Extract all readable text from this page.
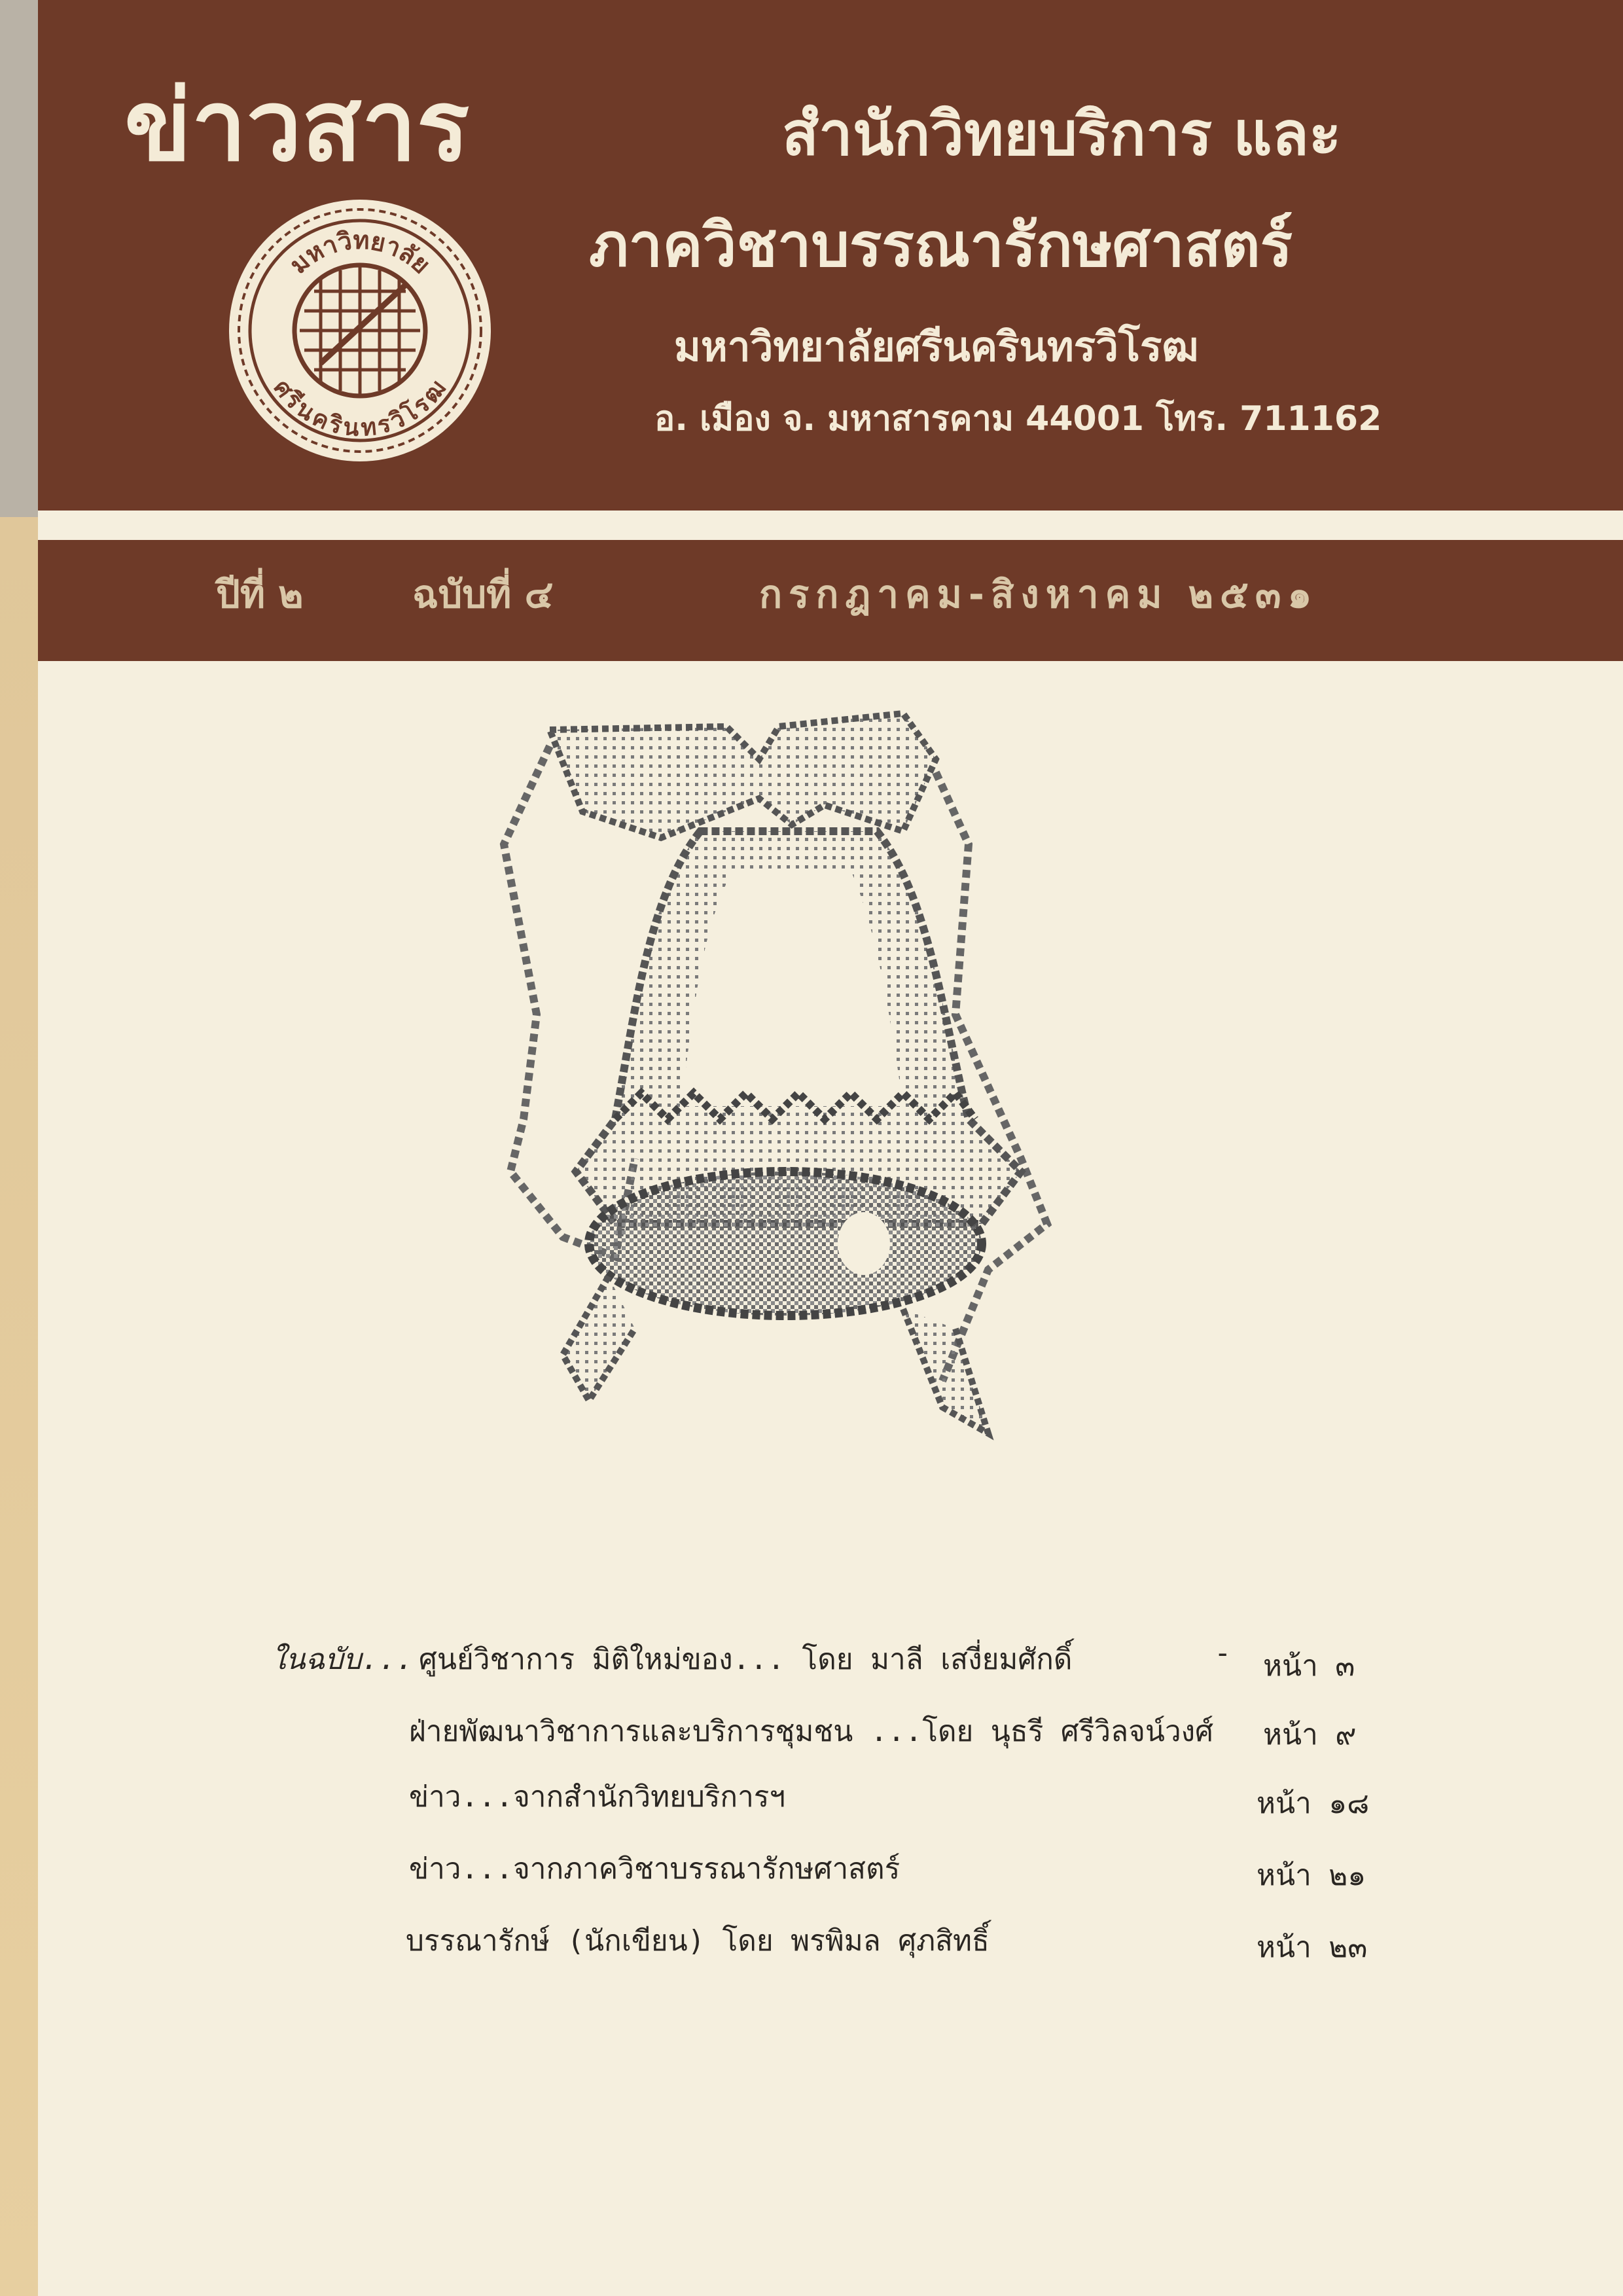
ข่าวสาร	สำนักวิทยบริการ และ
ภาควิชาบรรณารักษศาสตร์
มหาวิทยาลัยศรีนครินทรวิโรฒ
อ. เมือง จ. มหาสารคาม 44001 โทร. 711162
มหาวิทยาลัย
ศรีนครินทรวิโรฒ
ปีที่ ๒	ฉบับที่ ๔	กรกฎาคม-สิงหาคม ๒๕๓๑
ในฉบับ... ศูนย์วิชาการ มิติใหม่ของ... โดย มาลี เสงี่ยมศักดิ์	- หน้า ๓
ฝ่ายพัฒนาวิชาการและบริการชุมชน ...โดย นุธรี ศรีวิลจน์วงศ์ หน้า ๙
ข่าว...จากสำนักวิทยบริการฯ	หน้า ๑๘
ข่าว...จากภาควิชาบรรณารักษศาสตร์	หน้า ๒๑
บรรณารักษ์ (นักเขียน) โดย พรพิมล ศุภสิทธิ์	หน้า ๒๓
